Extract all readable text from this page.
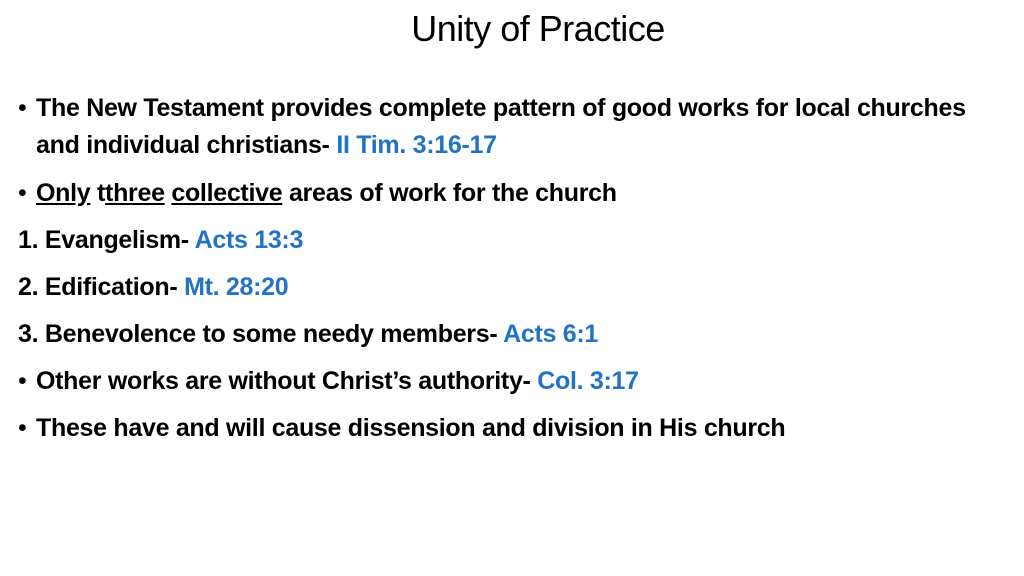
Unity of Practice
• The New Testament provides complete pattern of good works for local churches and individual christians- II Tim. 3:16-17
• Only tthree collective areas of work for the church
1. Evangelism- Acts 13:3
2. Edification- Mt. 28:20
3. Benevolence to some needy members- Acts 6:1
• Other works are without Christ’s authority- Col. 3:17
• These have and will cause dissension and division in His church
